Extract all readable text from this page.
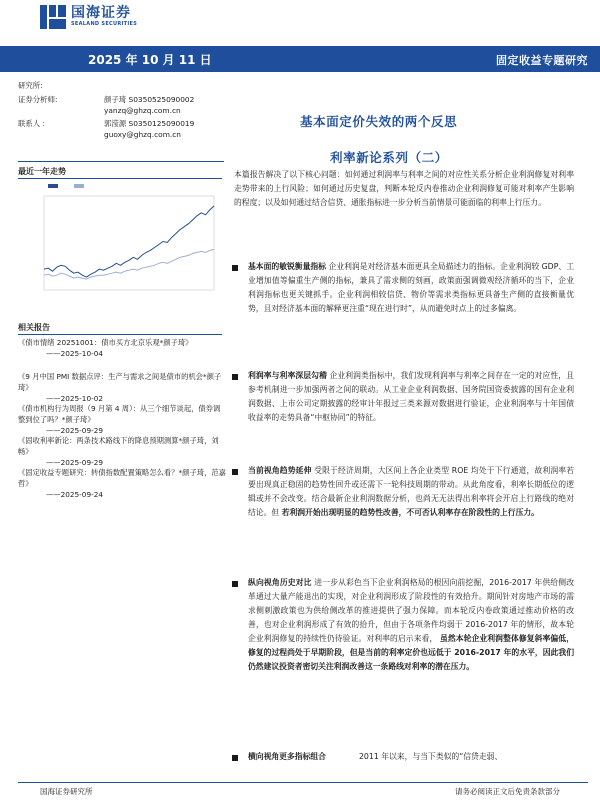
国海证券
SEALAND SECURITIES
2025 年 10 月 11 日	固定收益专题研究
研究所:
证券分析师:	颜子琦 S0350525090002
yanzq@ghzq.com.cn
联系人 :	郭滢源 S0350125090019
guoxy@ghzq.com.cn
基本面定价失效的两个反思
利率新论系列（二）
最近一年走势
相关报告
《债市情绪 20251001：债市买方北京乐观*颜子琦》
——2025-10-04
《9 月中国 PMI 数据点评：生产与需求之间是债市的机会*颜子琦》
——2025-10-02
《债市机构行为周报（9 月第 4 周）：从三个细节谈起，债券调整到位了吗？*颜子琦》
——2025-09-29
《固收利率新论：两条技术路线下的降息预期测算*颜子琦，刘畅》
——2025-09-29
《固定收益专题研究：转债指数配置策略怎么看？*颜子琦，范嘉哲》
——2025-09-24
本篇报告解决了以下核心问题：如何通过利润率与利率之间的对应性关系分析企业利润修复对利率走势带来的上行风险；如何通过历史复盘，判断本轮反内卷推动企业利润修复可能对利率产生影响的程度；以及如何通过结合信贷、通胀指标进一步分析当前情景可能面临的利率上行压力。
基本面的敏锐衡量指标 企业利润是对经济基本面更具全局描述力的指标。企业利润较 GDP、工业增加值等偏重生产侧的指标，兼具了需求侧的刻画，政策面强调微观经济循环的当下，企业利润指标也更关键抓手。企业利润相较信贷、物价等需求类指标更具备生产侧的直接衡量优势，且对经济基本面的解释更注重“现在进行时”，从而避免时点上的过多偏离。
利润率与利率深层勾稽 企业利润类指标中，我们发现利润率与利率之间存在一定的对应性，且参考机制进一步加强两者之间的联动。从工业企业利润数据、国务院国资委披露的国有企业利润数据、上市公司定期披露的经审计年报过三类来源对数据进行验证，企业利润率与十年国债收益率的走势具备“中枢协同”的特征。
当前视角趋势延伸 受限于经济周期，大区间上各企业类型 ROE 均处于下行通道，故利润率若要出现真正稳固的趋势性回升或还需下一轮科技周期的带动。从此角度看，利率长期低位的逻辑或并不会改变。结合最新企业利润数据分析，也尚无无法得出利率将会开启上行路线的绝对结论。但 若利润开始出现明显的趋势性改善，不可否认利率存在阶段性的上行压力。
纵向视角历史对比 进一步从彩色当下企业利润格局的根因向前挖掘，2016-2017 年供给侧改革通过大量产能退出的实现，对企业利润形成了阶段性的有效拾升。期间针对房地产市场的需求侧刺激政策也为供给侧改革的推进提供了强力保障。而本轮反内卷政策通过推动价格的改善，也对企业利润形成了有效的拾升，但由于各项条件均弱于 2016-2017 年的情形，故本轮企业利润修复的持续性仍待验证。对利率的启示来看， 虽然本轮企业利润整体修复斜率偏低，修复的过程尚处于早期阶段，但是当前的利率定价也远低于 2016-2017 年的水平，因此我们仍然建议投资者密切关注利润改善这一条路线对利率的潜在压力。
横向视角更多指标组合	2011 年以来，与当下类似的“信贷走弱、
国海证券研究所	请务必阅读正文后免责条款部分
